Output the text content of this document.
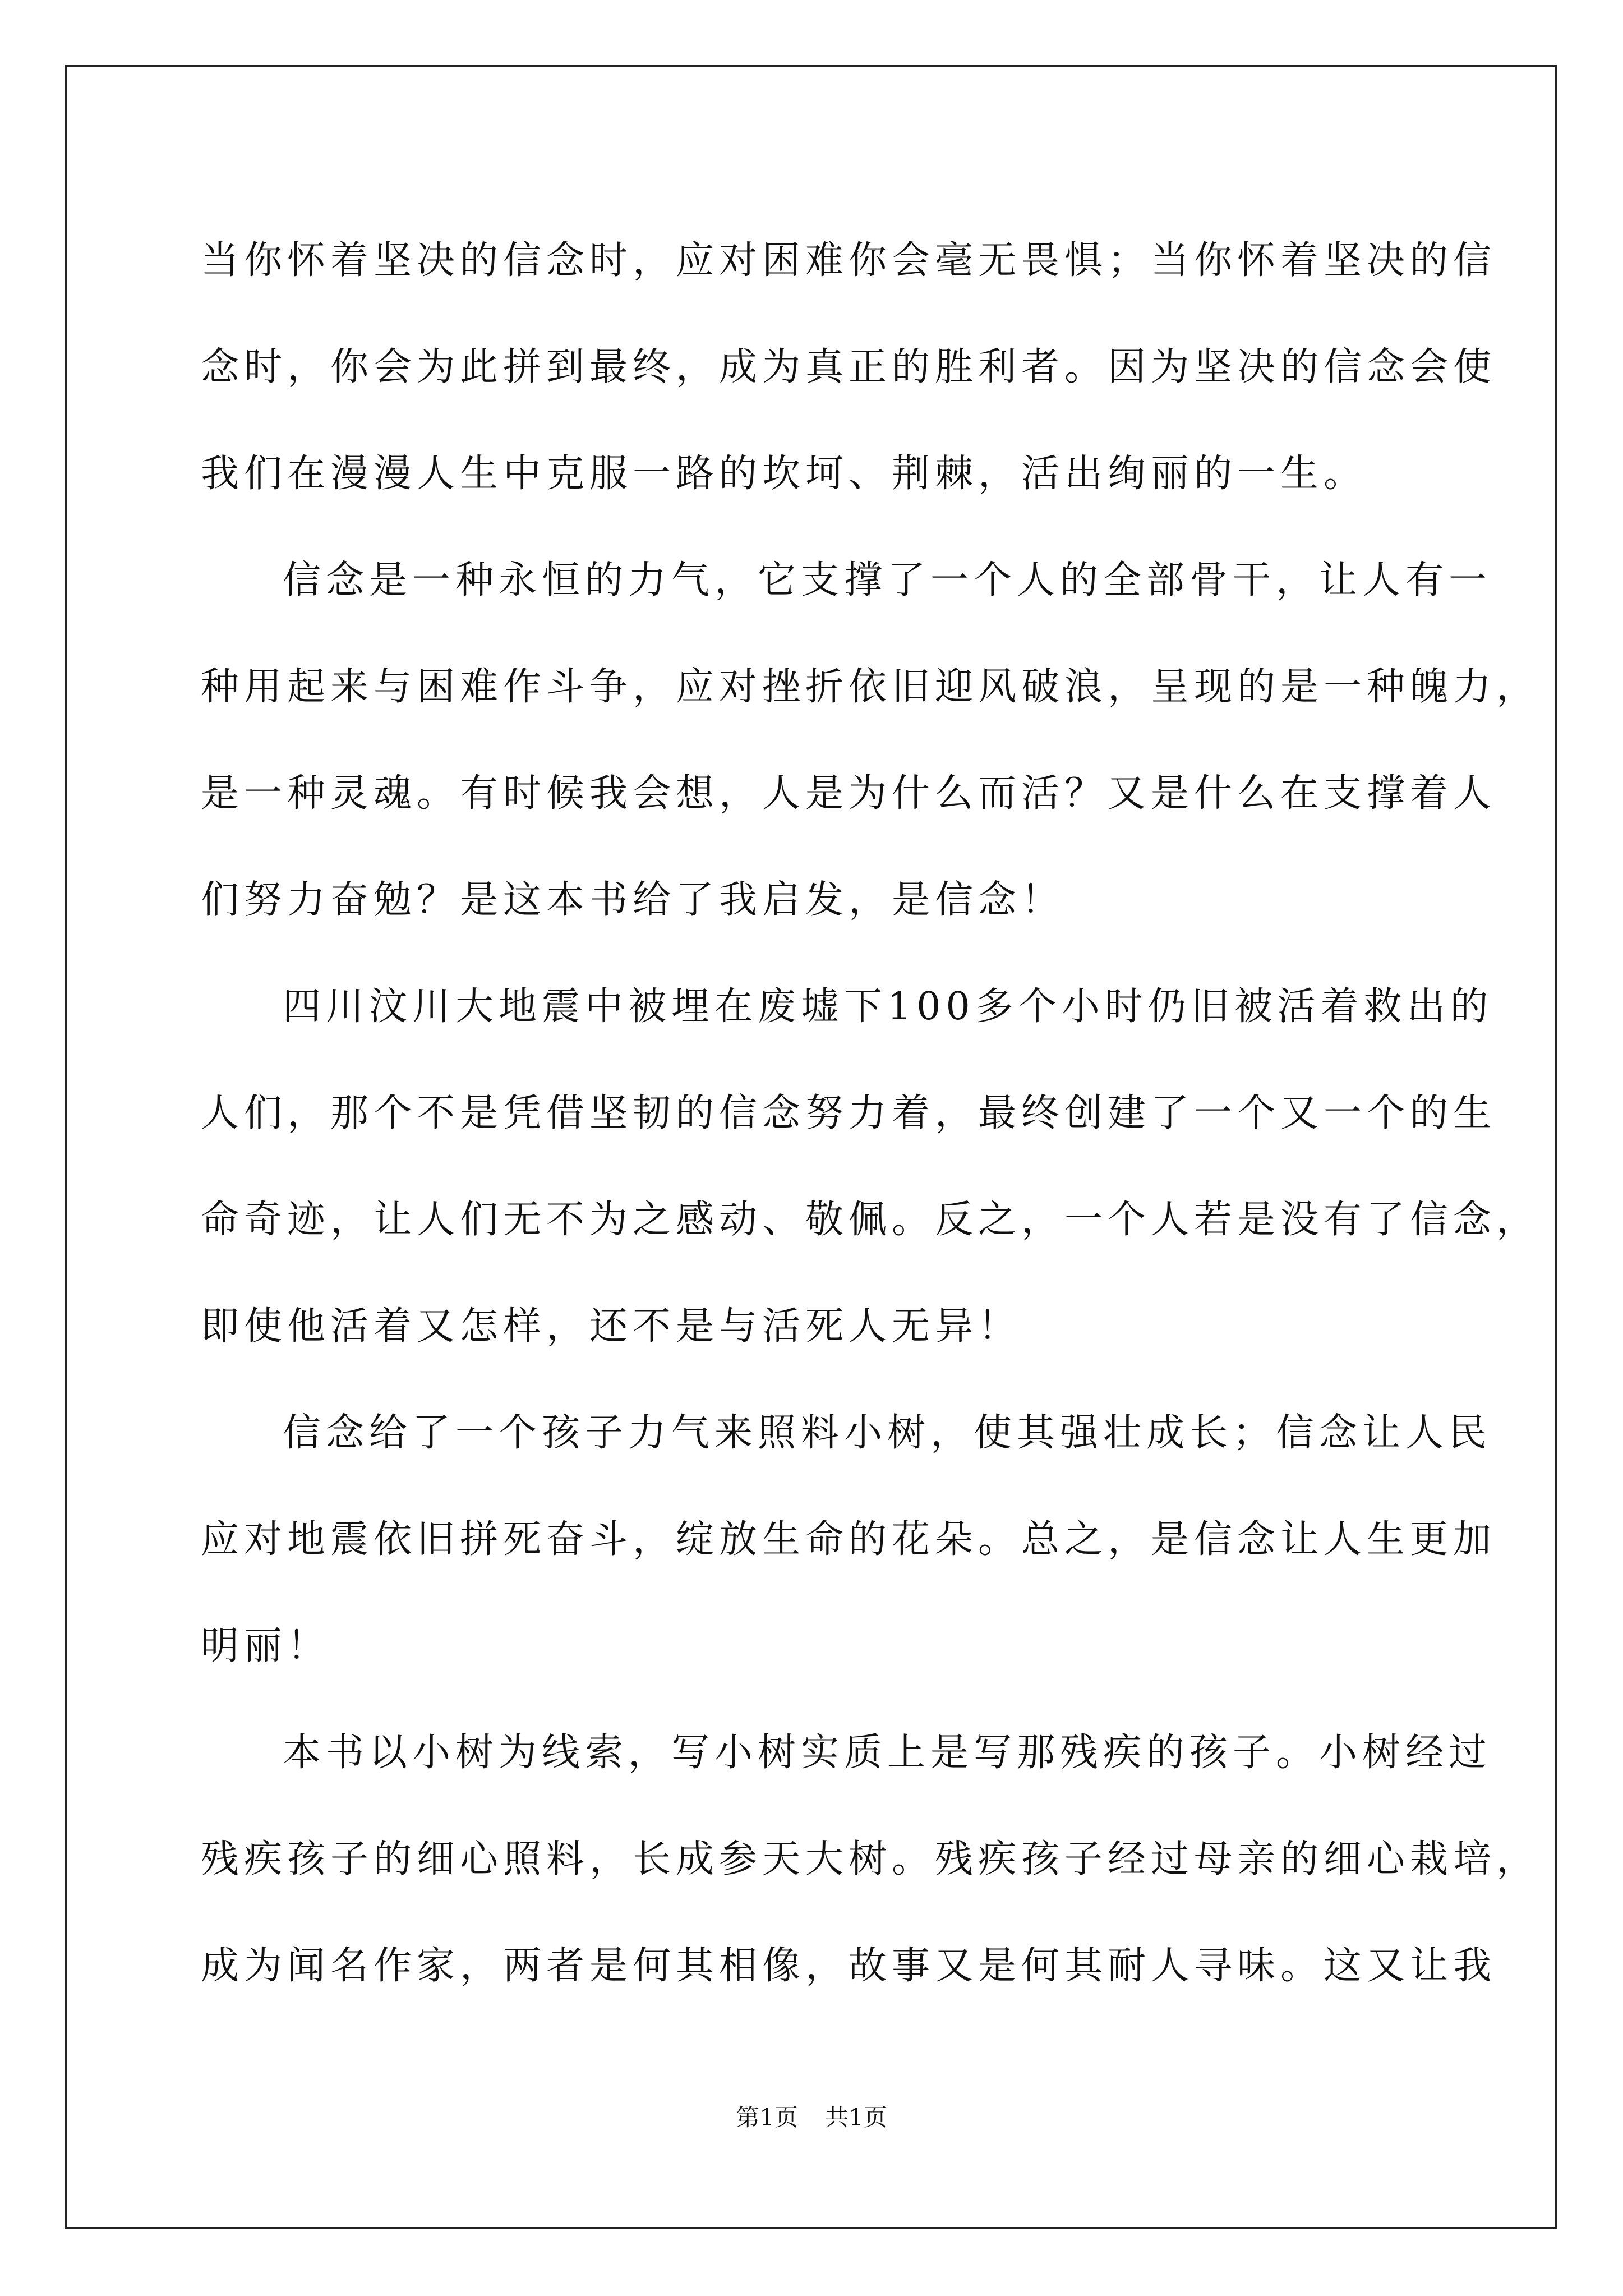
当你怀着坚决的信念时，应对困难你会毫无畏惧；当你怀着坚决的信
念时，你会为此拼到最终，成为真正的胜利者。因为坚决的信念会使
我们在漫漫人生中克服一路的坎坷、荆棘，活出绚丽的一生。
信念是一种永恒的力气，它支撑了一个人的全部骨干，让人有一
种用起来与困难作斗争，应对挫折依旧迎风破浪，呈现的是一种魄力，
是一种灵魂。有时候我会想，人是为什么而活？又是什么在支撑着人
们努力奋勉？是这本书给了我启发，是信念！
四川汶川大地震中被埋在废墟下100多个小时仍旧被活着救出的
人们，那个不是凭借坚韧的信念努力着，最终创建了一个又一个的生
命奇迹，让人们无不为之感动、敬佩。反之，一个人若是没有了信念，
即使他活着又怎样，还不是与活死人无异！
信念给了一个孩子力气来照料小树，使其强壮成长；信念让人民
应对地震依旧拼死奋斗，绽放生命的花朵。总之，是信念让人生更加
明丽！
本书以小树为线索，写小树实质上是写那残疾的孩子。小树经过
残疾孩子的细心照料，长成参天大树。残疾孩子经过母亲的细心栽培，
成为闻名作家，两者是何其相像，故事又是何其耐人寻味。这又让我
第1页 共1页
